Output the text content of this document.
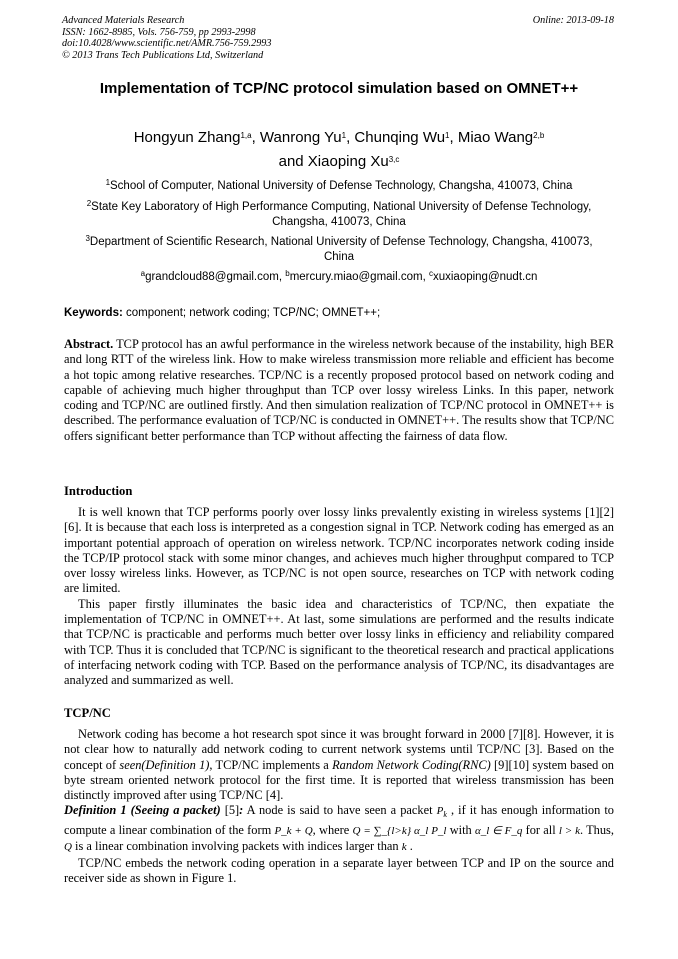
Advanced Materials Research
ISSN: 1662-8985, Vols. 756-759, pp 2993-2998
doi:10.4028/www.scientific.net/AMR.756-759.2993
© 2013 Trans Tech Publications Ltd, Switzerland
Online: 2013-09-18
Implementation of TCP/NC protocol simulation based on OMNET++
Hongyun Zhang$^{1,a}$, Wanrong Yu$^1$, Chunqing Wu$^1$, Miao Wang$^{2,b}$
and Xiaoping Xu$^{3,c}$
$^1$School of Computer, National University of Defense Technology, Changsha, 410073, China
$^2$State Key Laboratory of High Performance Computing, National University of Defense Technology, Changsha, 410073, China
$^3$Department of Scientific Research, National University of Defense Technology, Changsha, 410073, China
$^a$grandcloud88@gmail.com, $^b$mercury.miao@gmail.com, $^c$xuxiaoping@nudt.cn
Keywords: component; network coding; TCP/NC; OMNET++;

Abstract. TCP protocol has an awful performance in the wireless network because of the instability, high BER and long RTT of the wireless link. How to make wireless transmission more reliable and efficient has become a hot topic among relative researches. TCP/NC is a recently proposed protocol based on network coding and capable of achieving much higher throughput than TCP over lossy wireless Links. In this paper, network coding and TCP/NC are outlined firstly. And then simulation realization of TCP/NC protocol in OMNET++ is described. The performance evaluation of TCP/NC is conducted in OMNET++. The results show that TCP/NC offers significant better performance than TCP without affecting the fairness of data flow.

Introduction

It is well known that TCP performs poorly over lossy links prevalently existing in wireless systems [1][2][6]. It is because that each loss is interpreted as a congestion signal in TCP. Network coding has emerged as an important potential approach of operation on wireless network. TCP/NC incorporates network coding inside the TCP/IP protocol stack with some minor changes, and achieves much higher throughput compared to TCP over lossy wireless links. However, as TCP/NC is not open source, researches on TCP with network coding are limited.

This paper firstly illuminates the basic idea and characteristics of TCP/NC, then expatiate the implementation of TCP/NC in OMNET++. At last, some simulations are performed and the results indicate that TCP/NC is practicable and performs much better over lossy links in efficiency and reliability compared with TCP. Thus it is concluded that TCP/NC is significant to the theoretical research and practical applications of interfacing network coding with TCP. Based on the performance analysis of TCP/NC, its disadvantages are analyzed and summarized as well.

TCP/NC

Network coding has become a hot research spot since it was brought forward in 2000 [7][8]. However, it is not clear how to naturally add network coding to current network systems until TCP/NC [3]. Based on the concept of seen(Definition 1), TCP/NC implements a Random Network Coding(RNC) [9][10] system based on byte stream oriented network protocol for the first time. It is reported that wireless transmission has been distinctly improved after using TCP/NC [4].

Definition 1 (Seeing a packet) [5]: A node is said to have seen a packet $P_k$ , if it has enough information to compute a linear combination of the form P_k + Q, where Q = ∑_{l>k} α_l P_l with α_l ∈ F_q for all l > k. Thus, Q is a linear combination involving packets with indices larger than k .

TCP/NC embeds the network coding operation in a separate layer between TCP and IP on the source and receiver side as shown in Figure 1.
